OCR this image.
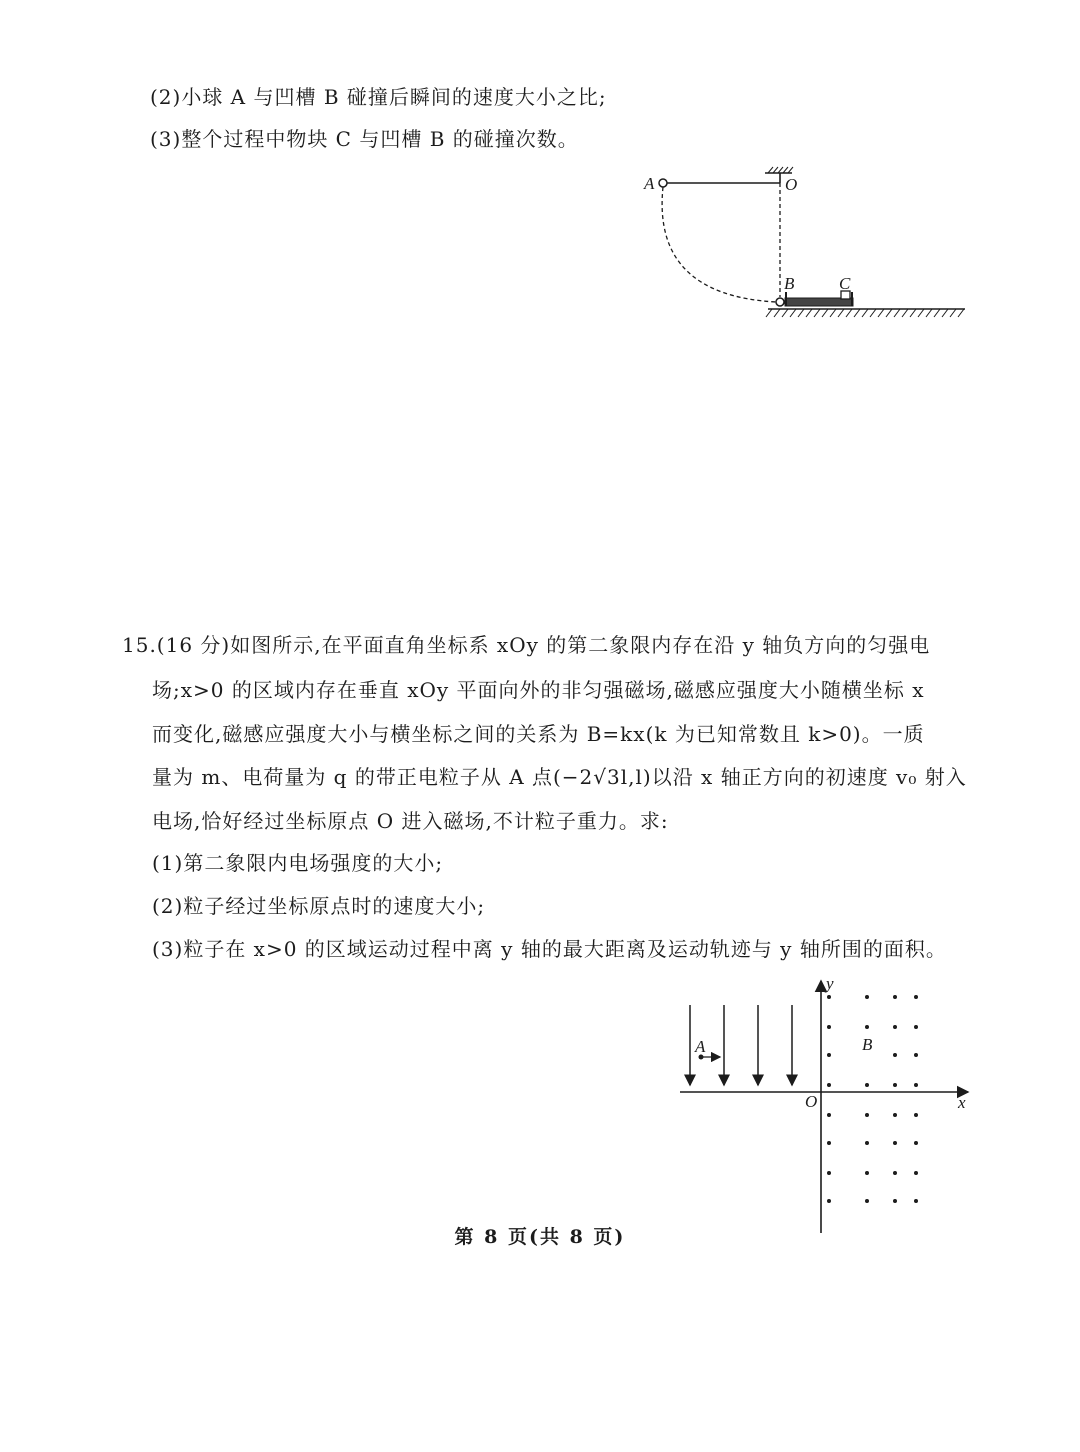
(2)小球 A 与凹槽 B 碰撞后瞬间的速度大小之比;
(3)整个过程中物块 C 与凹槽 B 的碰撞次数。
A	O
B	C
15.(16 分)如图所示,在平面直角坐标系 xOy 的第二象限内存在沿 y 轴负方向的匀强电
场;x>0 的区域内存在垂直 xOy 平面向外的非匀强磁场,磁感应强度大小随横坐标 x
而变化,磁感应强度大小与横坐标之间的关系为 B=kx(k 为已知常数且 k>0)。一质
量为 m、电荷量为 q 的带正电粒子从 A 点(−2√3l,l)以沿 x 轴正方向的初速度 v₀ 射入
电场,恰好经过坐标原点 O 进入磁场,不计粒子重力。求:
(1)第二象限内电场强度的大小;
(2)粒子经过坐标原点时的速度大小;
(3)粒子在 x>0 的区域运动过程中离 y 轴的最大距离及运动轨迹与 y 轴所围的面积。
y
x
O
A	B
第 8 页(共 8 页)
